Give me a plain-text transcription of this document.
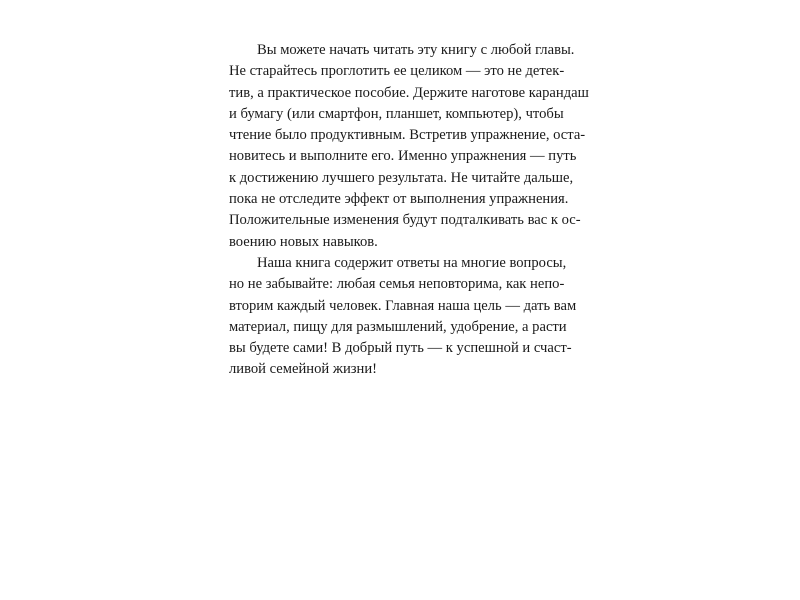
Вы можете начать читать эту книгу с любой главы.
Не старайтесь проглотить ее целиком — это не детек-
тив, а практическое пособие. Держите наготове карандаш
и бумагу (или смартфон, планшет, компьютер), чтобы
чтение было продуктивным. Встретив упражнение, оста-
новитесь и выполните его. Именно упражнения — путь
к достижению лучшего результата. Не читайте дальше,
пока не отследите эффект от выполнения упражнения.
Положительные изменения будут подталкивать вас к ос-
воению новых навыков.
Наша книга содержит ответы на многие вопросы,
но не забывайте: любая семья неповторима, как непо-
вторим каждый человек. Главная наша цель — дать вам
материал, пищу для размышлений, удобрение, а расти
вы будете сами! В добрый путь — к успешной и счаст-
ливой семейной жизни!
